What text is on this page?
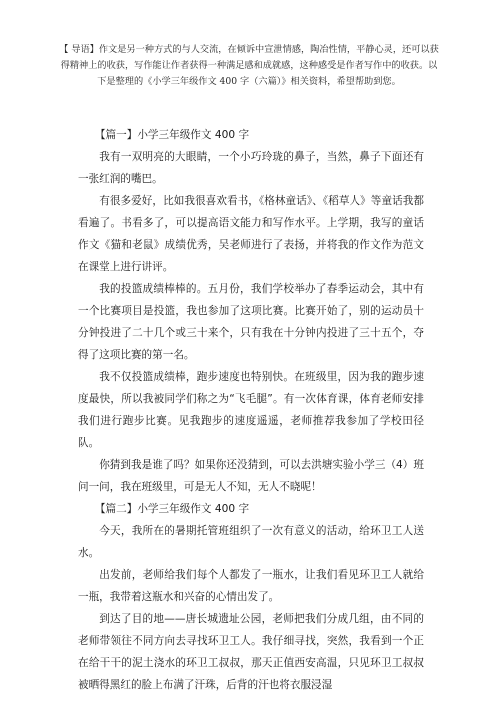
【 导语】作文是另一种方式的与人交流，在倾诉中宣泄情感，陶冶性情，平静心灵，还可以获得精神上的收获，写作能让作者获得一种满足感和成就感，这种感受是作者写作中的收获。以下是整理的《小学三年级作文 400 字（六篇）》相关资料，希望帮助到您。

【篇一】小学三年级作文 400 字

我有一双明亮的大眼睛，一个小巧玲珑的鼻子，当然，鼻子下面还有一张红润的嘴巴。

有很多爱好，比如我很喜欢看书，《格林童话》、《稻草人》等童话我都看遍了。书看多了，可以提高语文能力和写作水平。上学期，我写的童话作文《猫和老鼠》成绩优秀，吴老师进行了表扬，并将我的作文作为范文在课堂上进行讲评。

我的投篮成绩棒棒的。五月份，我们学校举办了春季运动会，其中有一个比赛项目是投篮，我也参加了这项比赛。比赛开始了，别的运动员十分钟投进了二十几个或三十来个，只有我在十分钟内投进了三十五个，夺得了这项比赛的第一名。

我不仅投篮成绩棒，跑步速度也特别快。在班级里，因为我的跑步速度最快，所以我被同学们称之为“飞毛腿”。有一次体育课，体育老师安排我们进行跑步比赛。见我跑步的速度遥遥，老师推荐我参加了学校田径队。

你猜到我是谁了吗？如果你还没猜到，可以去洪塘实验小学三（4）班问一问，我在班级里，可是无人不知，无人不晓呢！

【篇二】小学三年级作文 400 字

今天，我所在的暑期托管班组织了一次有意义的活动，给环卫工人送水。

出发前，老师给我们每个人都发了一瓶水，让我们看见环卫工人就给一瓶，我带着这瓶水和兴奋的心情出发了。

到达了目的地——唐长城遗址公园，老师把我们分成几组，由不同的老师带领往不同方向去寻找环卫工人。我仔细寻找，突然，我看到一个正在给干干的泥土浇水的环卫工叔叔，那天正值西安高温，只见环卫工叔叔被晒得黑红的脸上布满了汗珠，后背的汗也将衣服浸湿
